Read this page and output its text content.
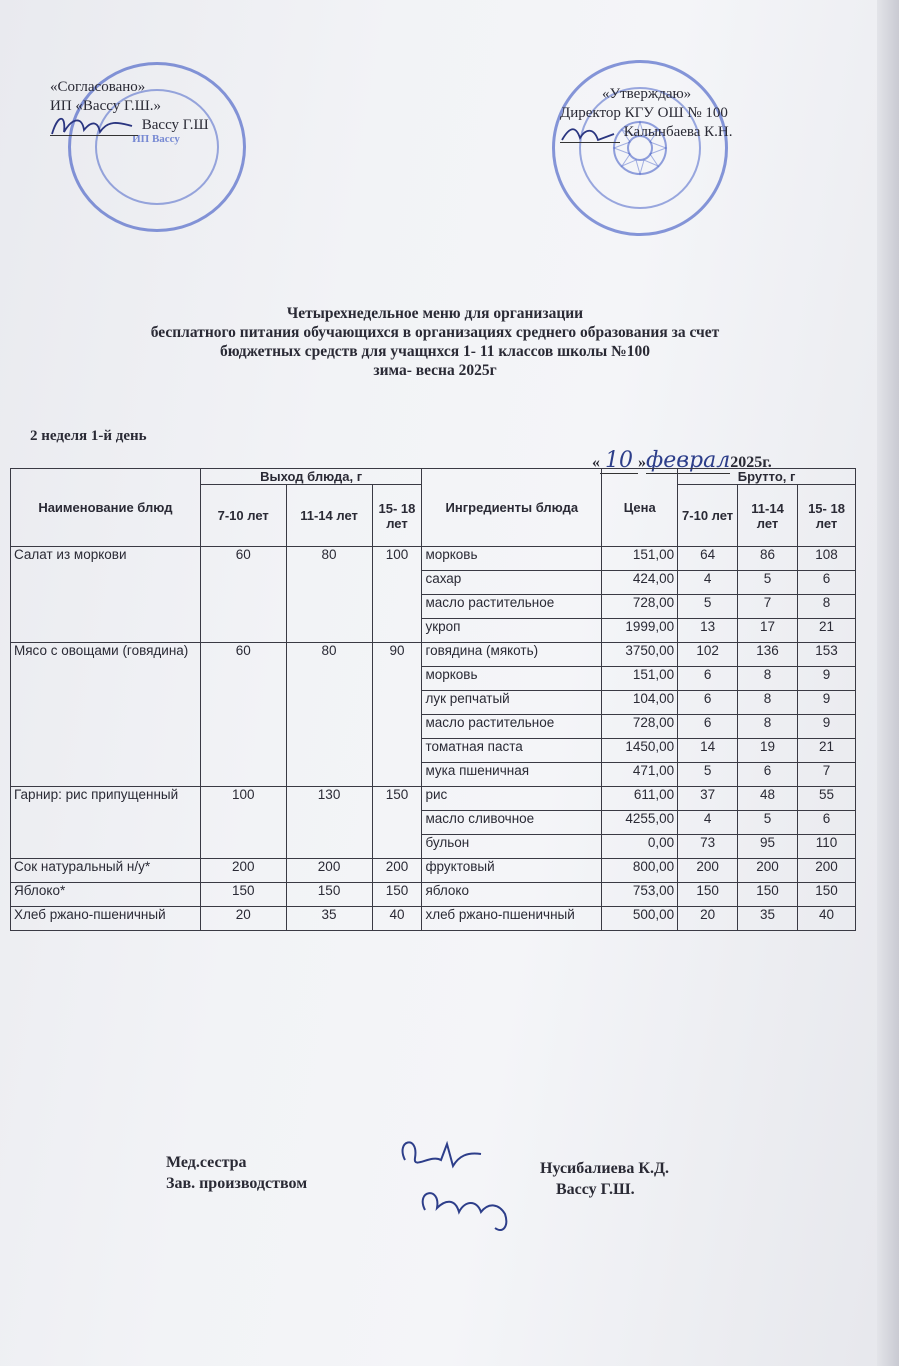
ИП Вассу
«Согласовано»
ИП «Вассу Г.Ш.»
Вассу Г.Ш
«Утверждаю»
Директор КГУ ОШ № 100
Калынбаева К.Н.
Четырехнедельное меню для организации
бесплатного питания обучающихся в организациях среднего образования за счет
бюджетных средств для учащнхся 1- 11 классов школы №100
зима- весна 2025г
2 неделя 1-й день
« 10 »феврал2025г.
Наименование блюд	Выход блюда, г			Ингредиенты блюда	Цена	Брутто, г		
	7-10 лет	11-14 лет	15- 18 лет			7-10 лет	11-14 лет	15- 18 лет
Салат из моркови	60	80	100	морковь	151,00	64	86	108
				сахар	424,00	4	5	6
				масло растительное	728,00	5	7	8
				укроп	1999,00	13	17	21
Мясо с овощами (говядина)	60	80	90	говядина (мякоть)	3750,00	102	136	153
				морковь	151,00	6	8	9
				лук репчатый	104,00	6	8	9
				масло растительное	728,00	6	8	9
				томатная паста	1450,00	14	19	21
				мука пшеничная	471,00	5	6	7
Гарнир: рис припущенный	100	130	150	рис	611,00	37	48	55
				масло сливочное	4255,00	4	5	6
				бульон	0,00	73	95	110
Сок натуральный н/у*	200	200	200	фруктовый	800,00	200	200	200
Яблоко*	150	150	150	яблоко	753,00	150	150	150
Хлеб ржано-пшеничный	20	35	40	хлеб ржано-пшеничный	500,00	20	35	40
Мед.сестра
Зав. производством
Нусибалиева К.Д.
Вассу Г.Ш.
